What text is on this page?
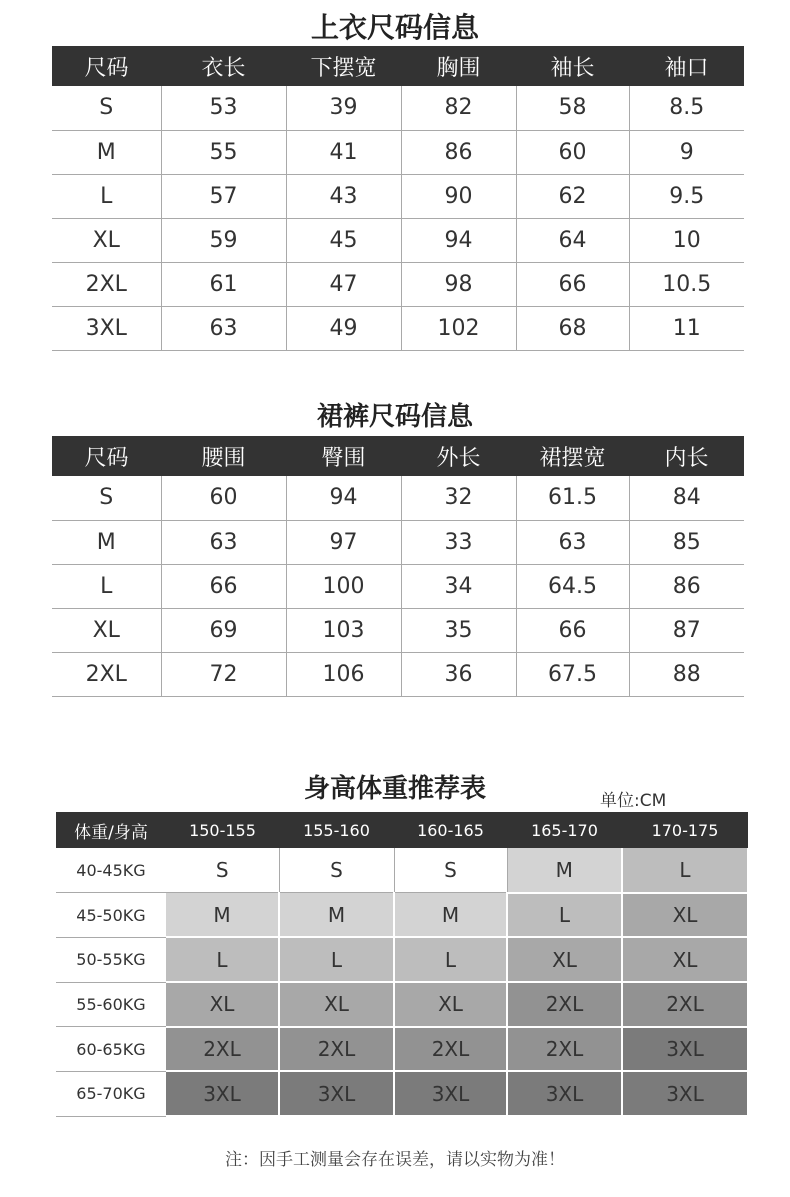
上衣尺码信息
尺码	衣长	下摆宽	胸围	袖长	袖口
S	53	39	82	58	8.5
M	55	41	86	60	9
L	57	43	90	62	9.5
XL	59	45	94	64	10
2XL	61	47	98	66	10.5
3XL	63	49	102	68	11
裙裤尺码信息
尺码	腰围	臀围	外长	裙摆宽	内长
S	60	94	32	61.5	84
M	63	97	33	63	85
L	66	100	34	64.5	86
XL	69	103	35	66	87
2XL	72	106	36	67.5	88
身高体重推荐表	单位:CM
体重/身高	150-155	155-160	160-165	165-170	170-175
40-45KG	S	S	S	M	L
45-50KG	M	M	M	L	XL
50-55KG	L	L	L	XL	XL
55-60KG	XL	XL	XL	2XL	2XL
60-65KG	2XL	2XL	2XL	2XL	3XL
65-70KG	3XL	3XL	3XL	3XL	3XL
注：因手工测量会存在误差，请以实物为准！
